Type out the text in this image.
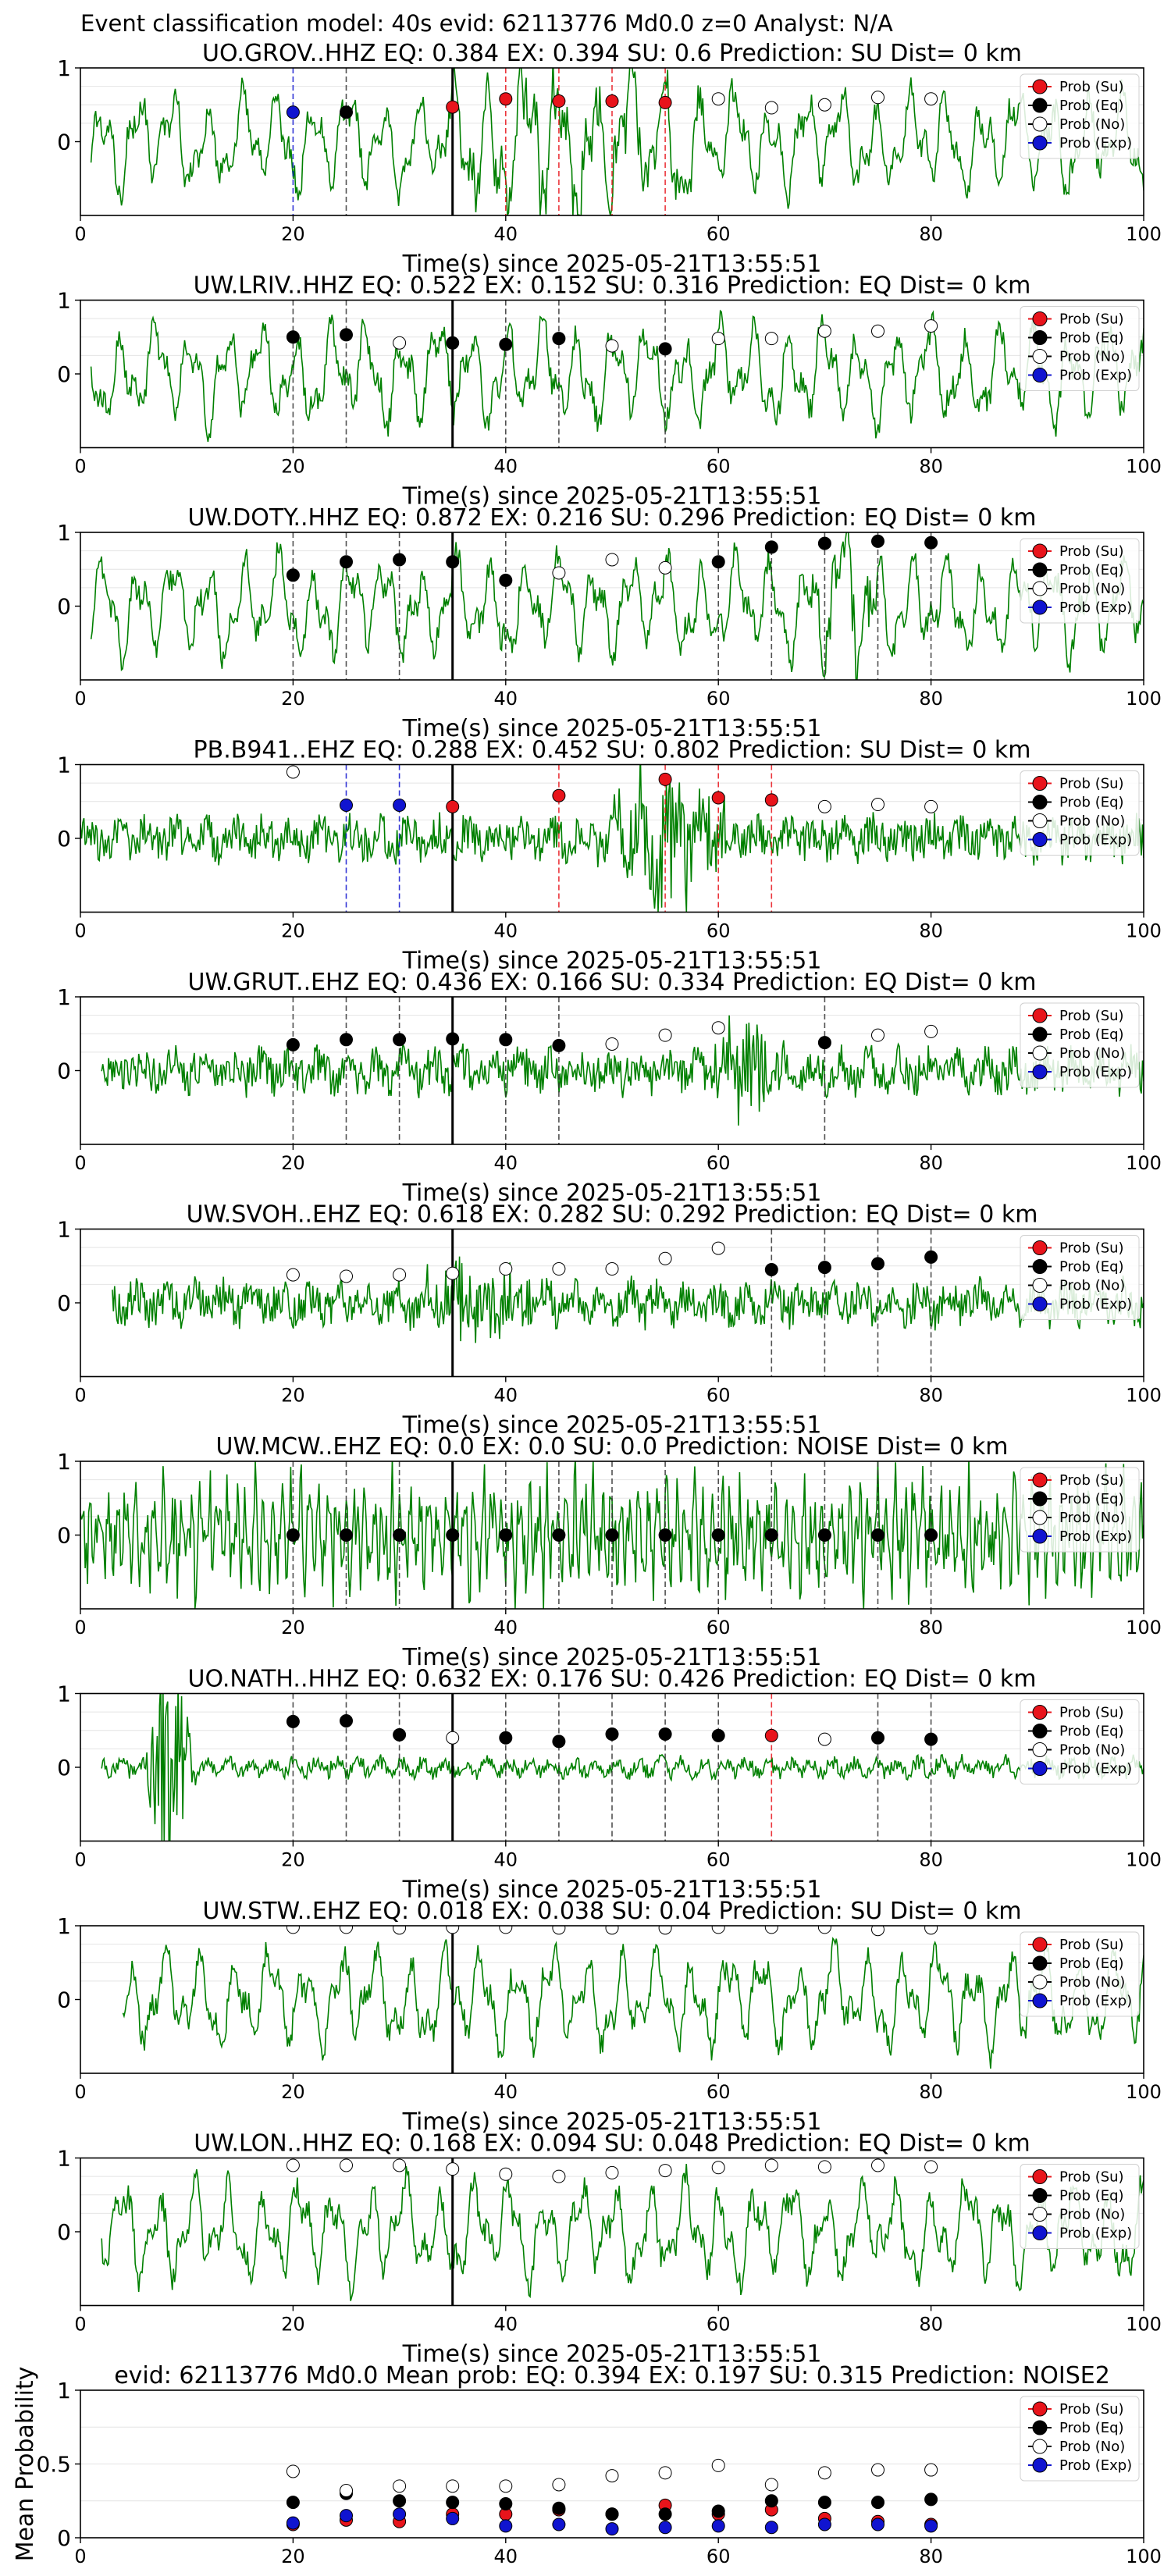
Event classification model: 40s evid: 62113776 Md0.0 z=0 Analyst: N/A
UO.GROV..HHZ EQ: 0.384 EX: 0.394 SU: 0.6 Prediction: SU Dist= 0 km
0	20	40	60	80	100
1
0
Time(s) since 2025-05-21T13:55:51
Prob (Su)
Prob (Eq)
Prob (No)
Prob (Exp)
UW.LRIV..HHZ EQ: 0.522 EX: 0.152 SU: 0.316 Prediction: EQ Dist= 0 km
0	20	40	60	80	100
1
0
Time(s) since 2025-05-21T13:55:51
Prob (Su)
Prob (Eq)
Prob (No)
Prob (Exp)
UW.DOTY..HHZ EQ: 0.872 EX: 0.216 SU: 0.296 Prediction: EQ Dist= 0 km
0	20	40	60	80	100
1
0
Time(s) since 2025-05-21T13:55:51
Prob (Su)
Prob (Eq)
Prob (No)
Prob (Exp)
PB.B941..EHZ EQ: 0.288 EX: 0.452 SU: 0.802 Prediction: SU Dist= 0 km
0	20	40	60	80	100
1
0
Time(s) since 2025-05-21T13:55:51
Prob (Su)
Prob (Eq)
Prob (No)
Prob (Exp)
UW.GRUT..EHZ EQ: 0.436 EX: 0.166 SU: 0.334 Prediction: EQ Dist= 0 km
0	20	40	60	80	100
1
0
Time(s) since 2025-05-21T13:55:51
Prob (Su)
Prob (Eq)
Prob (No)
Prob (Exp)
UW.SVOH..EHZ EQ: 0.618 EX: 0.282 SU: 0.292 Prediction: EQ Dist= 0 km
0	20	40	60	80	100
1
0
Time(s) since 2025-05-21T13:55:51
Prob (Su)
Prob (Eq)
Prob (No)
Prob (Exp)
UW.MCW..EHZ EQ: 0.0 EX: 0.0 SU: 0.0 Prediction: NOISE Dist= 0 km
0	20	40	60	80	100
1
0
Time(s) since 2025-05-21T13:55:51
Prob (Su)
Prob (Eq)
Prob (No)
Prob (Exp)
UO.NATH..HHZ EQ: 0.632 EX: 0.176 SU: 0.426 Prediction: EQ Dist= 0 km
0	20	40	60	80	100
1
0
Time(s) since 2025-05-21T13:55:51
Prob (Su)
Prob (Eq)
Prob (No)
Prob (Exp)
UW.STW..EHZ EQ: 0.018 EX: 0.038 SU: 0.04 Prediction: SU Dist= 0 km
0	20	40	60	80	100
1
0
Time(s) since 2025-05-21T13:55:51
Prob (Su)
Prob (Eq)
Prob (No)
Prob (Exp)
UW.LON..HHZ EQ: 0.168 EX: 0.094 SU: 0.048 Prediction: EQ Dist= 0 km
0	20	40	60	80	100
1
0
Time(s) since 2025-05-21T13:55:51
Prob (Su)
Prob (Eq)
Prob (No)
Prob (Exp)
evid: 62113776 Md0.0 Mean prob: EQ: 0.394 EX: 0.197 SU: 0.315 Prediction: NOISE2
0	20	40	60	80	100
1
0.5
0
Mean Probability	Prob (Su)
Prob (Eq)
Prob (No)
Prob (Exp)
